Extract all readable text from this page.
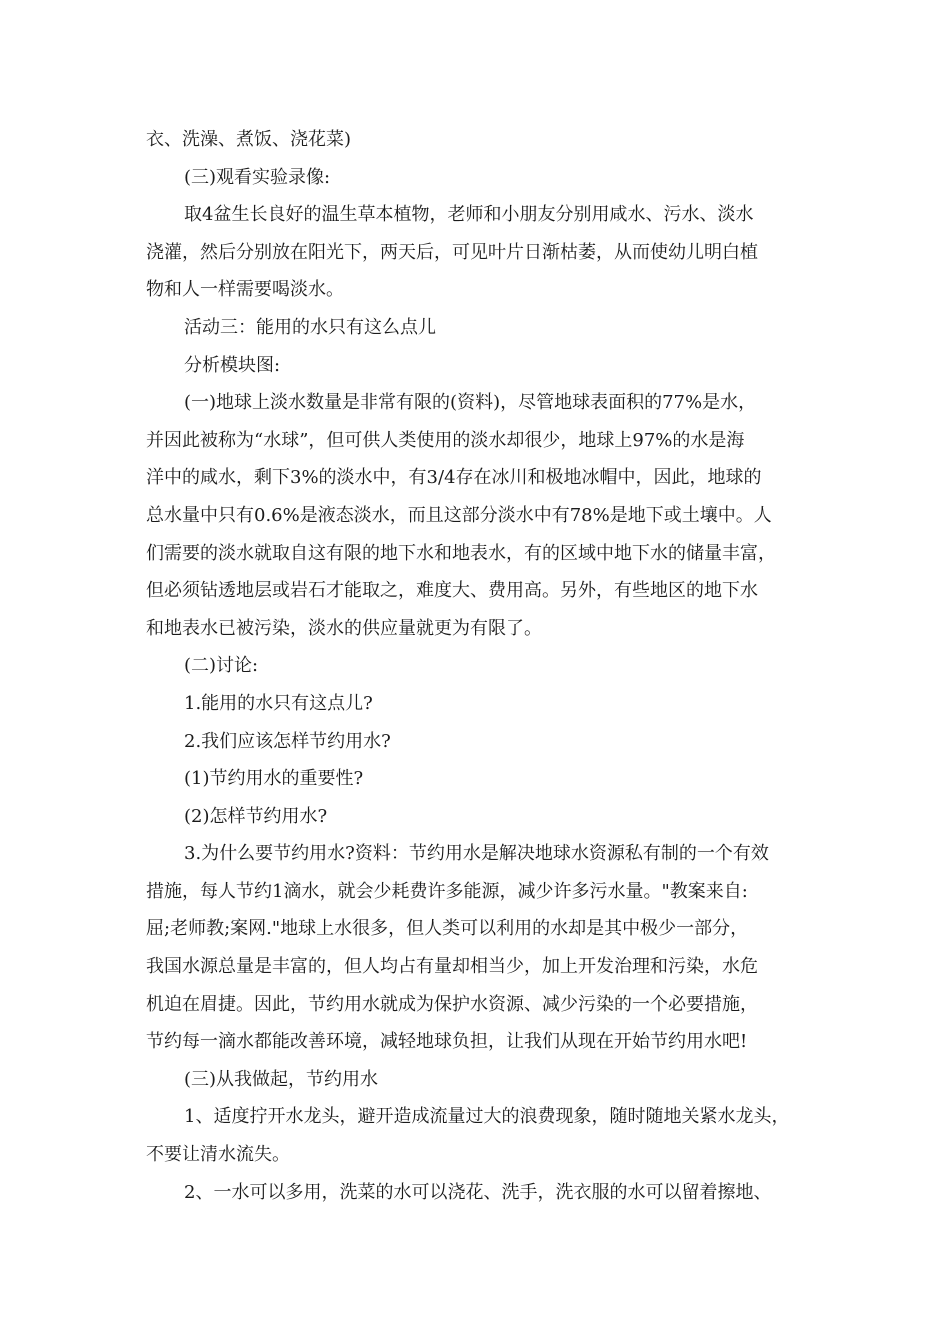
衣、洗澡、煮饭、浇花菜)
(三)观看实验录像:
取4盆生长良好的温生草本植物，老师和小朋友分别用咸水、污水、淡水
浇灌，然后分别放在阳光下，两天后，可见叶片日渐枯萎，从而使幼儿明白植
物和人一样需要喝淡水。
活动三：能用的水只有这么点儿
分析模块图:
(一)地球上淡水数量是非常有限的(资料)，尽管地球表面积的77%是水，
并因此被称为“水球”，但可供人类使用的淡水却很少，地球上97%的水是海
洋中的咸水，剩下3%的淡水中，有3/4存在冰川和极地冰帽中，因此，地球的
总水量中只有0.6%是液态淡水，而且这部分淡水中有78%是地下或土壤中。人
们需要的淡水就取自这有限的地下水和地表水，有的区域中地下水的储量丰富，
但必须钻透地层或岩石才能取之，难度大、费用高。另外，有些地区的地下水
和地表水已被污染，淡水的供应量就更为有限了。
(二)讨论:
1.能用的水只有这点儿?
2.我们应该怎样节约用水?
(1)节约用水的重要性?
(2)怎样节约用水?
3.为什么要节约用水?资料：节约用水是解决地球水资源私有制的一个有效
措施，每人节约1滴水，就会少耗费许多能源，减少许多污水量。"教案来自:
屈;老师教;案网."地球上水很多，但人类可以利用的水却是其中极少一部分，
我国水源总量是丰富的，但人均占有量却相当少，加上开发治理和污染，水危
机迫在眉捷。因此，节约用水就成为保护水资源、减少污染的一个必要措施，
节约每一滴水都能改善环境，减轻地球负担，让我们从现在开始节约用水吧!
(三)从我做起，节约用水
1、适度拧开水龙头，避开造成流量过大的浪费现象，随时随地关紧水龙头，
不要让清水流失。
2、一水可以多用，洗菜的水可以浇花、洗手，洗衣服的水可以留着擦地、
